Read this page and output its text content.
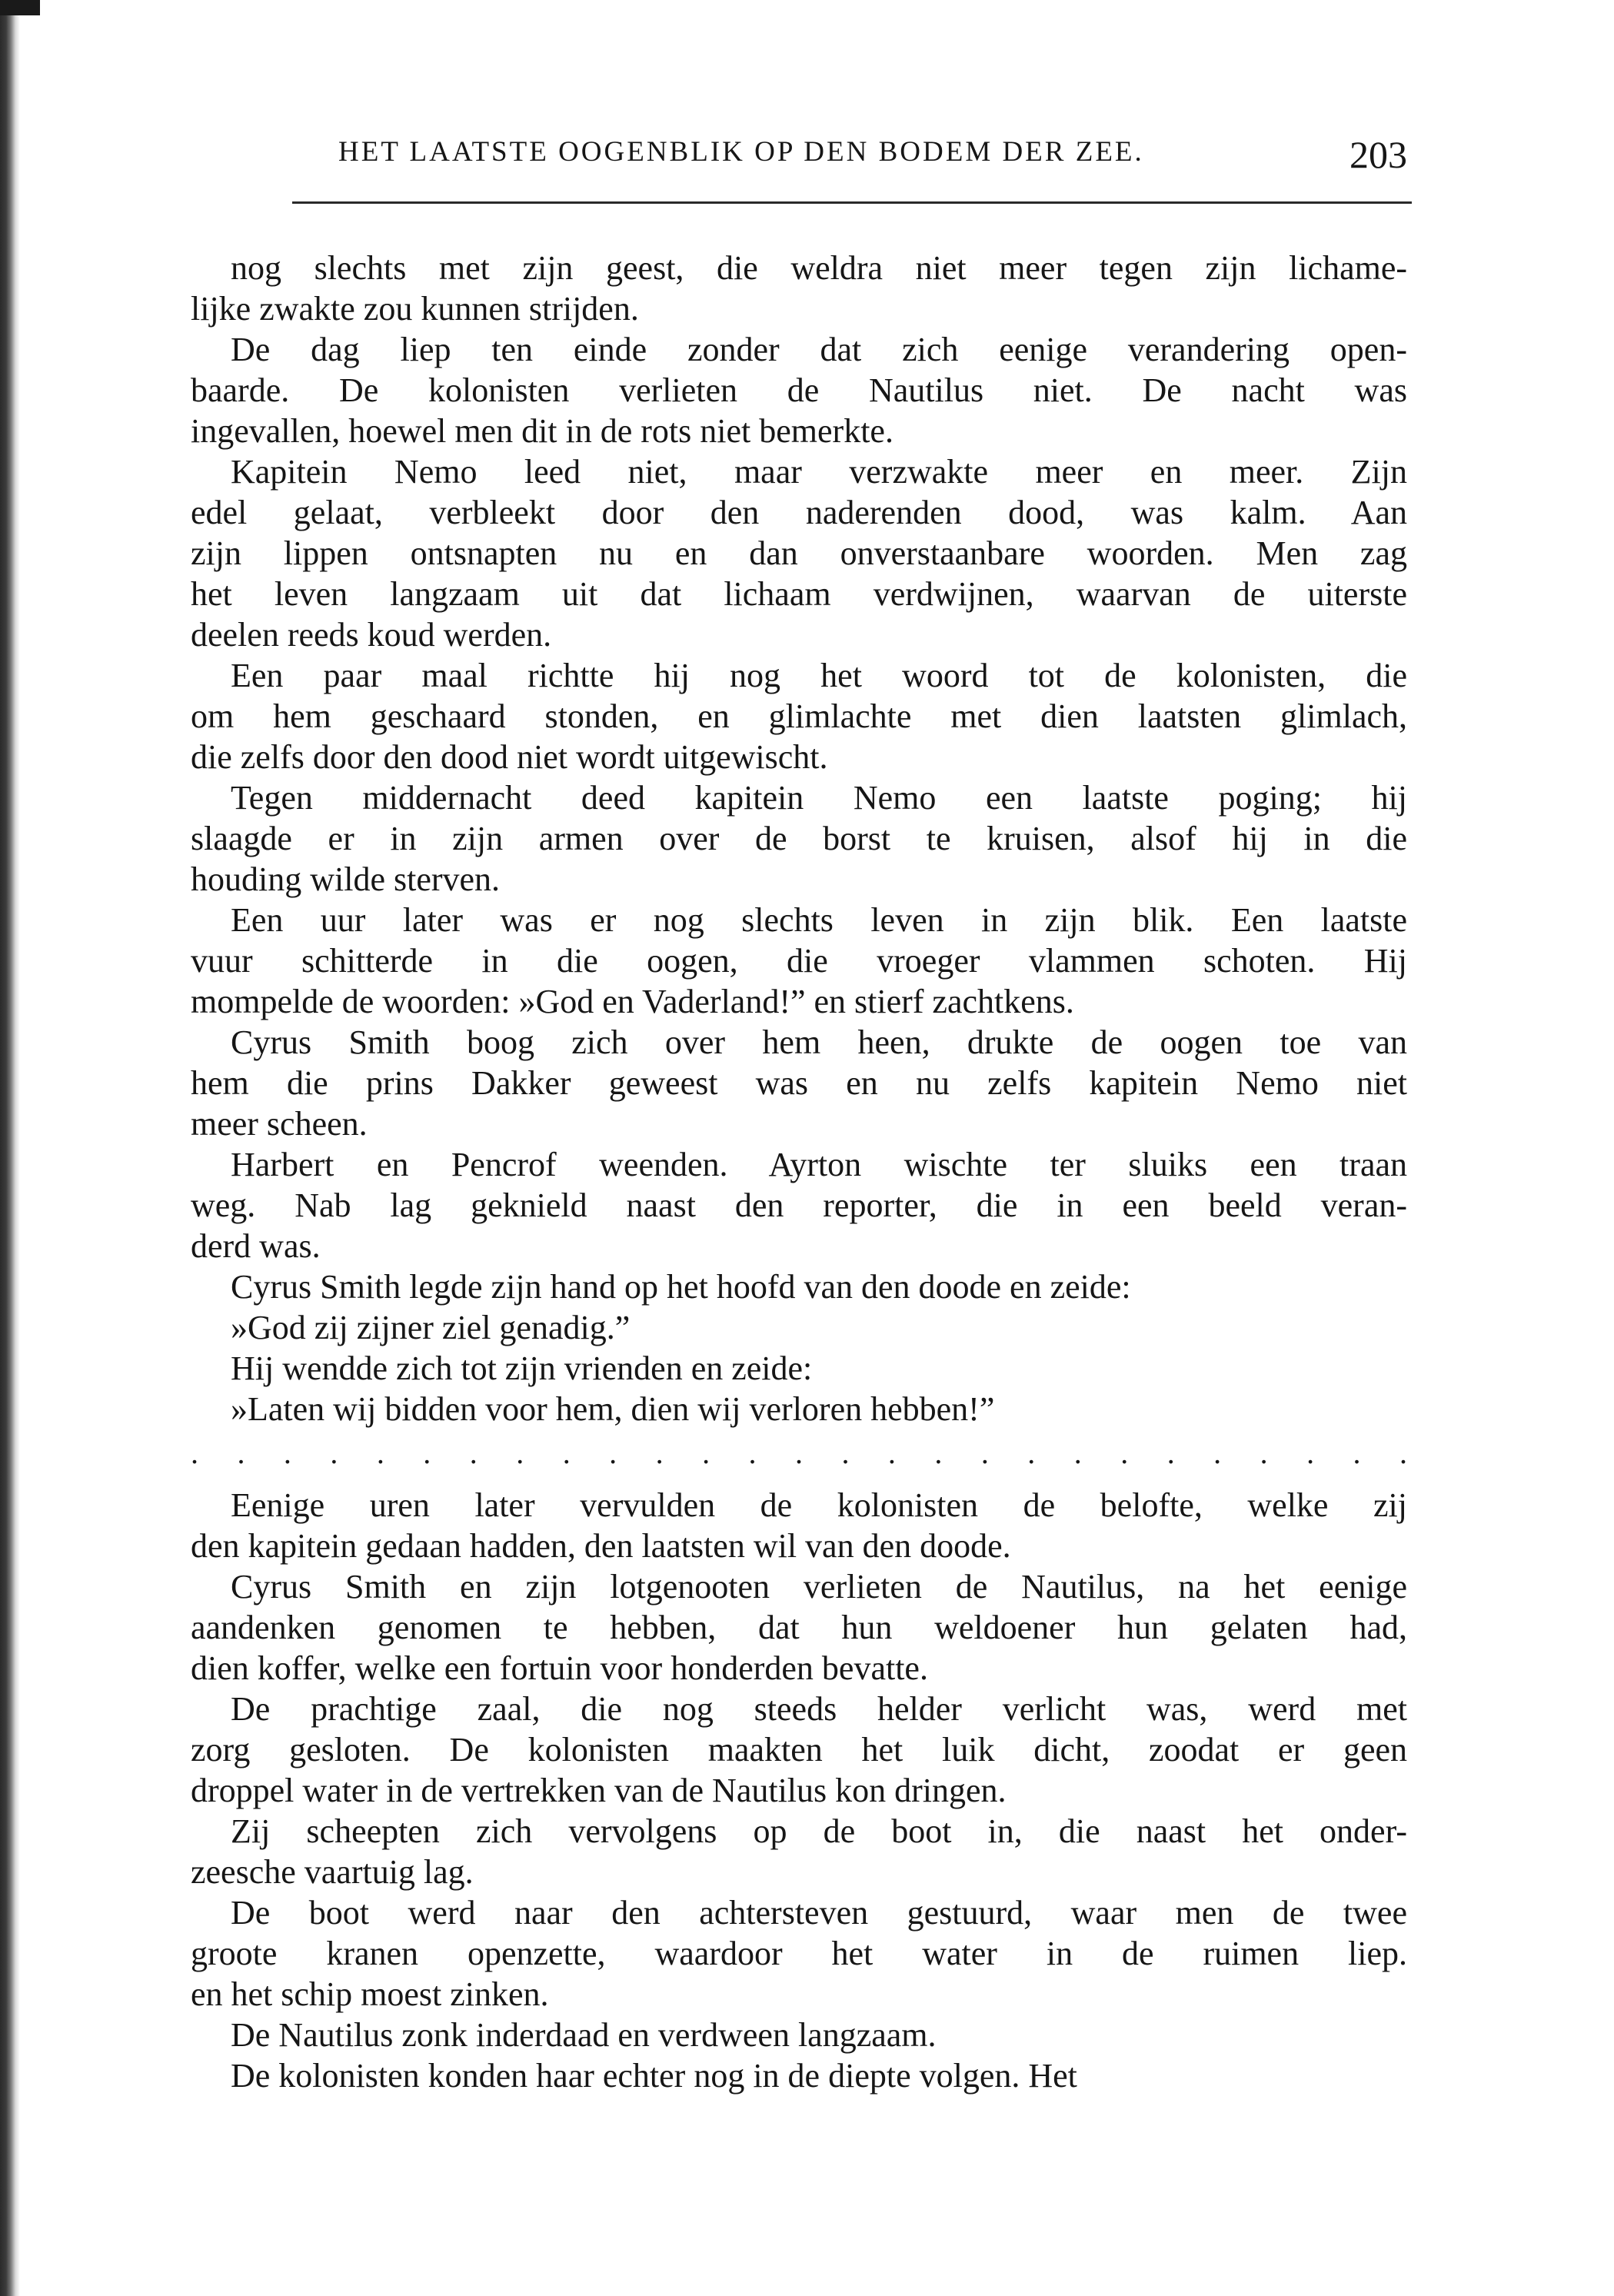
HET LAATSTE OOGENBLIK OP DEN BODEM DER ZEE.	203
nog slechts met zijn geest, die weldra niet meer tegen zijn lichame-
lijke zwakte zou kunnen strijden.
De dag liep ten einde zonder dat zich eenige verandering open-
baarde. De kolonisten verlieten de Nautilus niet. De nacht was
ingevallen, hoewel men dit in de rots niet bemerkte.
Kapitein Nemo leed niet, maar verzwakte meer en meer. Zijn
edel gelaat, verbleekt door den naderenden dood, was kalm. Aan
zijn lippen ontsnapten nu en dan onverstaanbare woorden. Men zag
het leven langzaam uit dat lichaam verdwijnen, waarvan de uiterste
deelen reeds koud werden.
Een paar maal richtte hij nog het woord tot de kolonisten, die
om hem geschaard stonden, en glimlachte met dien laatsten glimlach,
die zelfs door den dood niet wordt uitgewischt.
Tegen middernacht deed kapitein Nemo een laatste poging; hij
slaagde er in zijn armen over de borst te kruisen, alsof hij in die
houding wilde sterven.
Een uur later was er nog slechts leven in zijn blik. Een laatste
vuur schitterde in die oogen, die vroeger vlammen schoten. Hij
mompelde de woorden: »God en Vaderland!” en stierf zachtkens.
Cyrus Smith boog zich over hem heen, drukte de oogen toe van
hem die prins Dakker geweest was en nu zelfs kapitein Nemo niet
meer scheen.
Harbert en Pencrof weenden. Ayrton wischte ter sluiks een traan
weg. Nab lag geknield naast den reporter, die in een beeld veran-
derd was.
Cyrus Smith legde zijn hand op het hoofd van den doode en zeide:
»God zij zijner ziel genadig.”
Hij wendde zich tot zijn vrienden en zeide:
»Laten wij bidden voor hem, dien wij verloren hebben!”
. . . . . . . . . . . . . . . . . . . . . . . . . . .
Eenige uren later vervulden de kolonisten de belofte, welke zij
den kapitein gedaan hadden, den laatsten wil van den doode.
Cyrus Smith en zijn lotgenooten verlieten de Nautilus, na het eenige
aandenken genomen te hebben, dat hun weldoener hun gelaten had,
dien koffer, welke een fortuin voor honderden bevatte.
De prachtige zaal, die nog steeds helder verlicht was, werd met
zorg gesloten. De kolonisten maakten het luik dicht, zoodat er geen
droppel water in de vertrekken van de Nautilus kon dringen.
Zij scheepten zich vervolgens op de boot in, die naast het onder-
zeesche vaartuig lag.
De boot werd naar den achtersteven gestuurd, waar men de twee
groote kranen openzette, waardoor het water in de ruimen liep.
en het schip moest zinken.
De Nautilus zonk inderdaad en verdween langzaam.
De kolonisten konden haar echter nog in de diepte volgen. Het
